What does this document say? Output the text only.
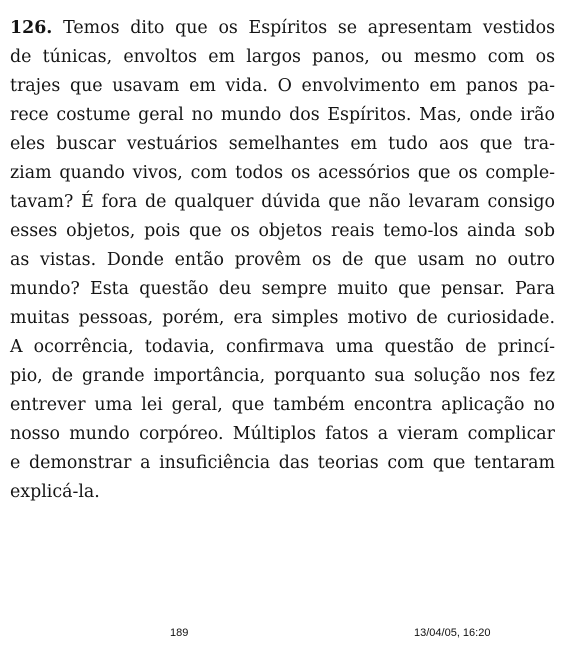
126. Temos dito que os Espíritos se apresentam vestidos
de túnicas, envoltos em largos panos, ou mesmo com os
trajes que usavam em vida. O envolvimento em panos pa-
rece costume geral no mundo dos Espíritos. Mas, onde irão
eles buscar vestuários semelhantes em tudo aos que tra-
ziam quando vivos, com todos os acessórios que os comple-
tavam? É fora de qualquer dúvida que não levaram consigo
esses objetos, pois que os objetos reais temo-los ainda sob
as vistas. Donde então provêm os de que usam no outro
mundo? Esta questão deu sempre muito que pensar. Para
muitas pessoas, porém, era simples motivo de curiosidade.
A ocorrência, todavia, confirmava uma questão de princí-
pio, de grande importância, porquanto sua solução nos fez
entrever uma lei geral, que também encontra aplicação no
nosso mundo corpóreo. Múltiplos fatos a vieram complicar
e demonstrar a insuficiência das teorias com que tentaram
explicá-la.
189	13/04/05, 16:20
